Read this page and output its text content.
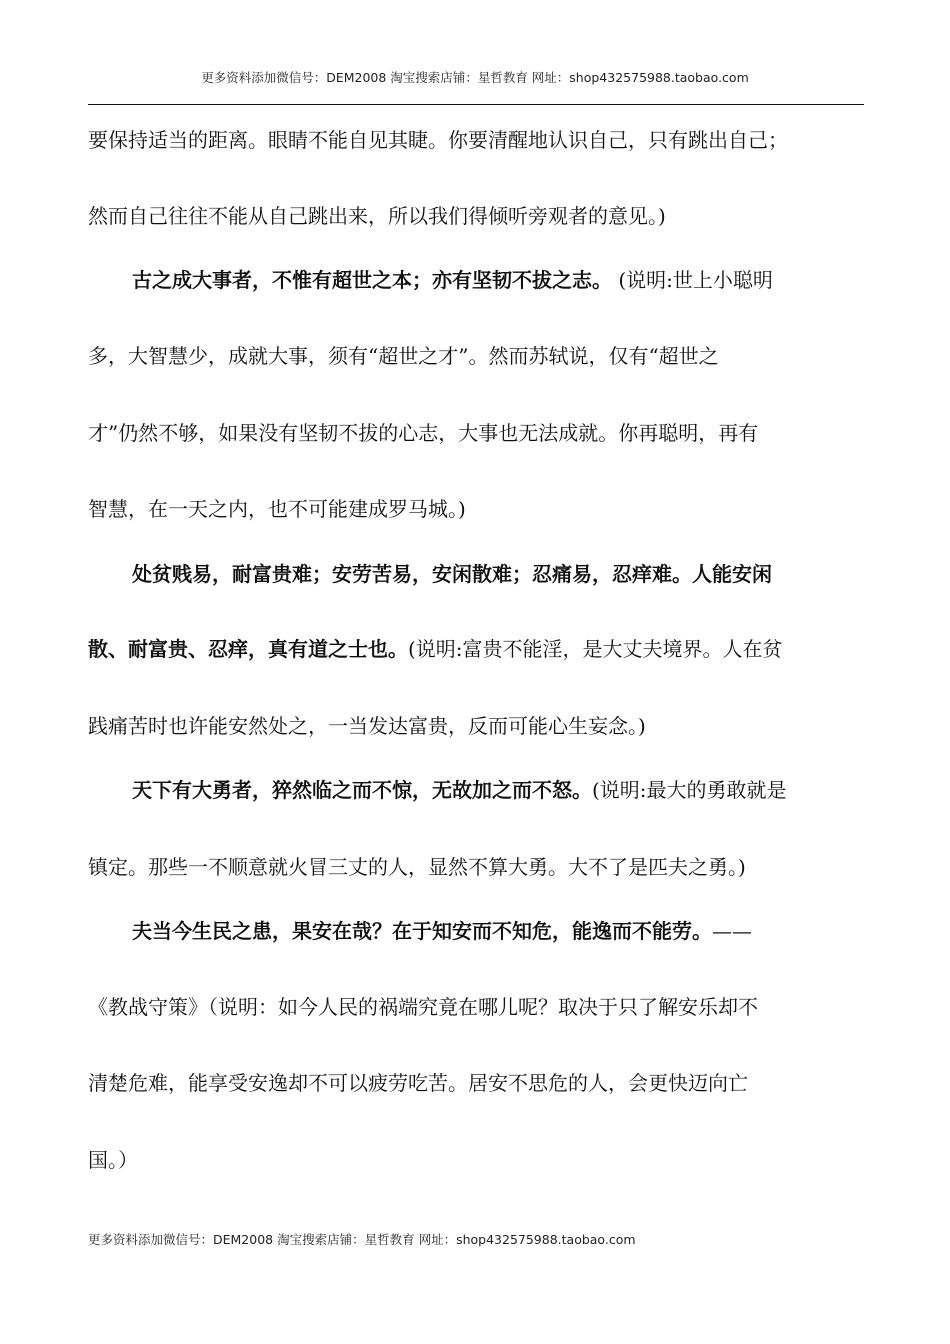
更多资料添加微信号：DEM2008 淘宝搜索店铺：星哲教育 网址：shop432575988.taobao.com
要保持适当的距离。眼睛不能自见其睫。你要清醒地认识自己，只有跳出自己；
然而自己往往不能从自己跳出来，所以我们得倾听旁观者的意见。)
古之成大事者，不惟有超世之本；亦有坚韧不拔之志。 (说明:世上小聪明
多，大智慧少，成就大事，须有“超世之才”。然而苏轼说，仅有“超世之
才”仍然不够，如果没有坚韧不拔的心志，大事也无法成就。你再聪明，再有
智慧，在一天之内，也不可能建成罗马城。)
处贫贱易，耐富贵难；安劳苦易，安闲散难；忍痛易，忍痒难。人能安闲
散、耐富贵、忍痒，真有道之士也。(说明:富贵不能淫，是大丈夫境界。人在贫
践痛苦时也许能安然处之，一当发达富贵，反而可能心生妄念。)
天下有大勇者，猝然临之而不惊，无故加之而不怒。(说明:最大的勇敢就是
镇定。那些一不顺意就火冒三丈的人，显然不算大勇。大不了是匹夫之勇。)
夫当今生民之患，果安在哉？在于知安而不知危，能逸而不能劳。——
《教战守策》（说明：如今人民的祸端究竟在哪儿呢？取决于只了解安乐却不
清楚危难，能享受安逸却不可以疲劳吃苦。居安不思危的人，会更快迈向亡
国。）
更多资料添加微信号：DEM2008 淘宝搜索店铺：星哲教育 网址：shop432575988.taobao.com
